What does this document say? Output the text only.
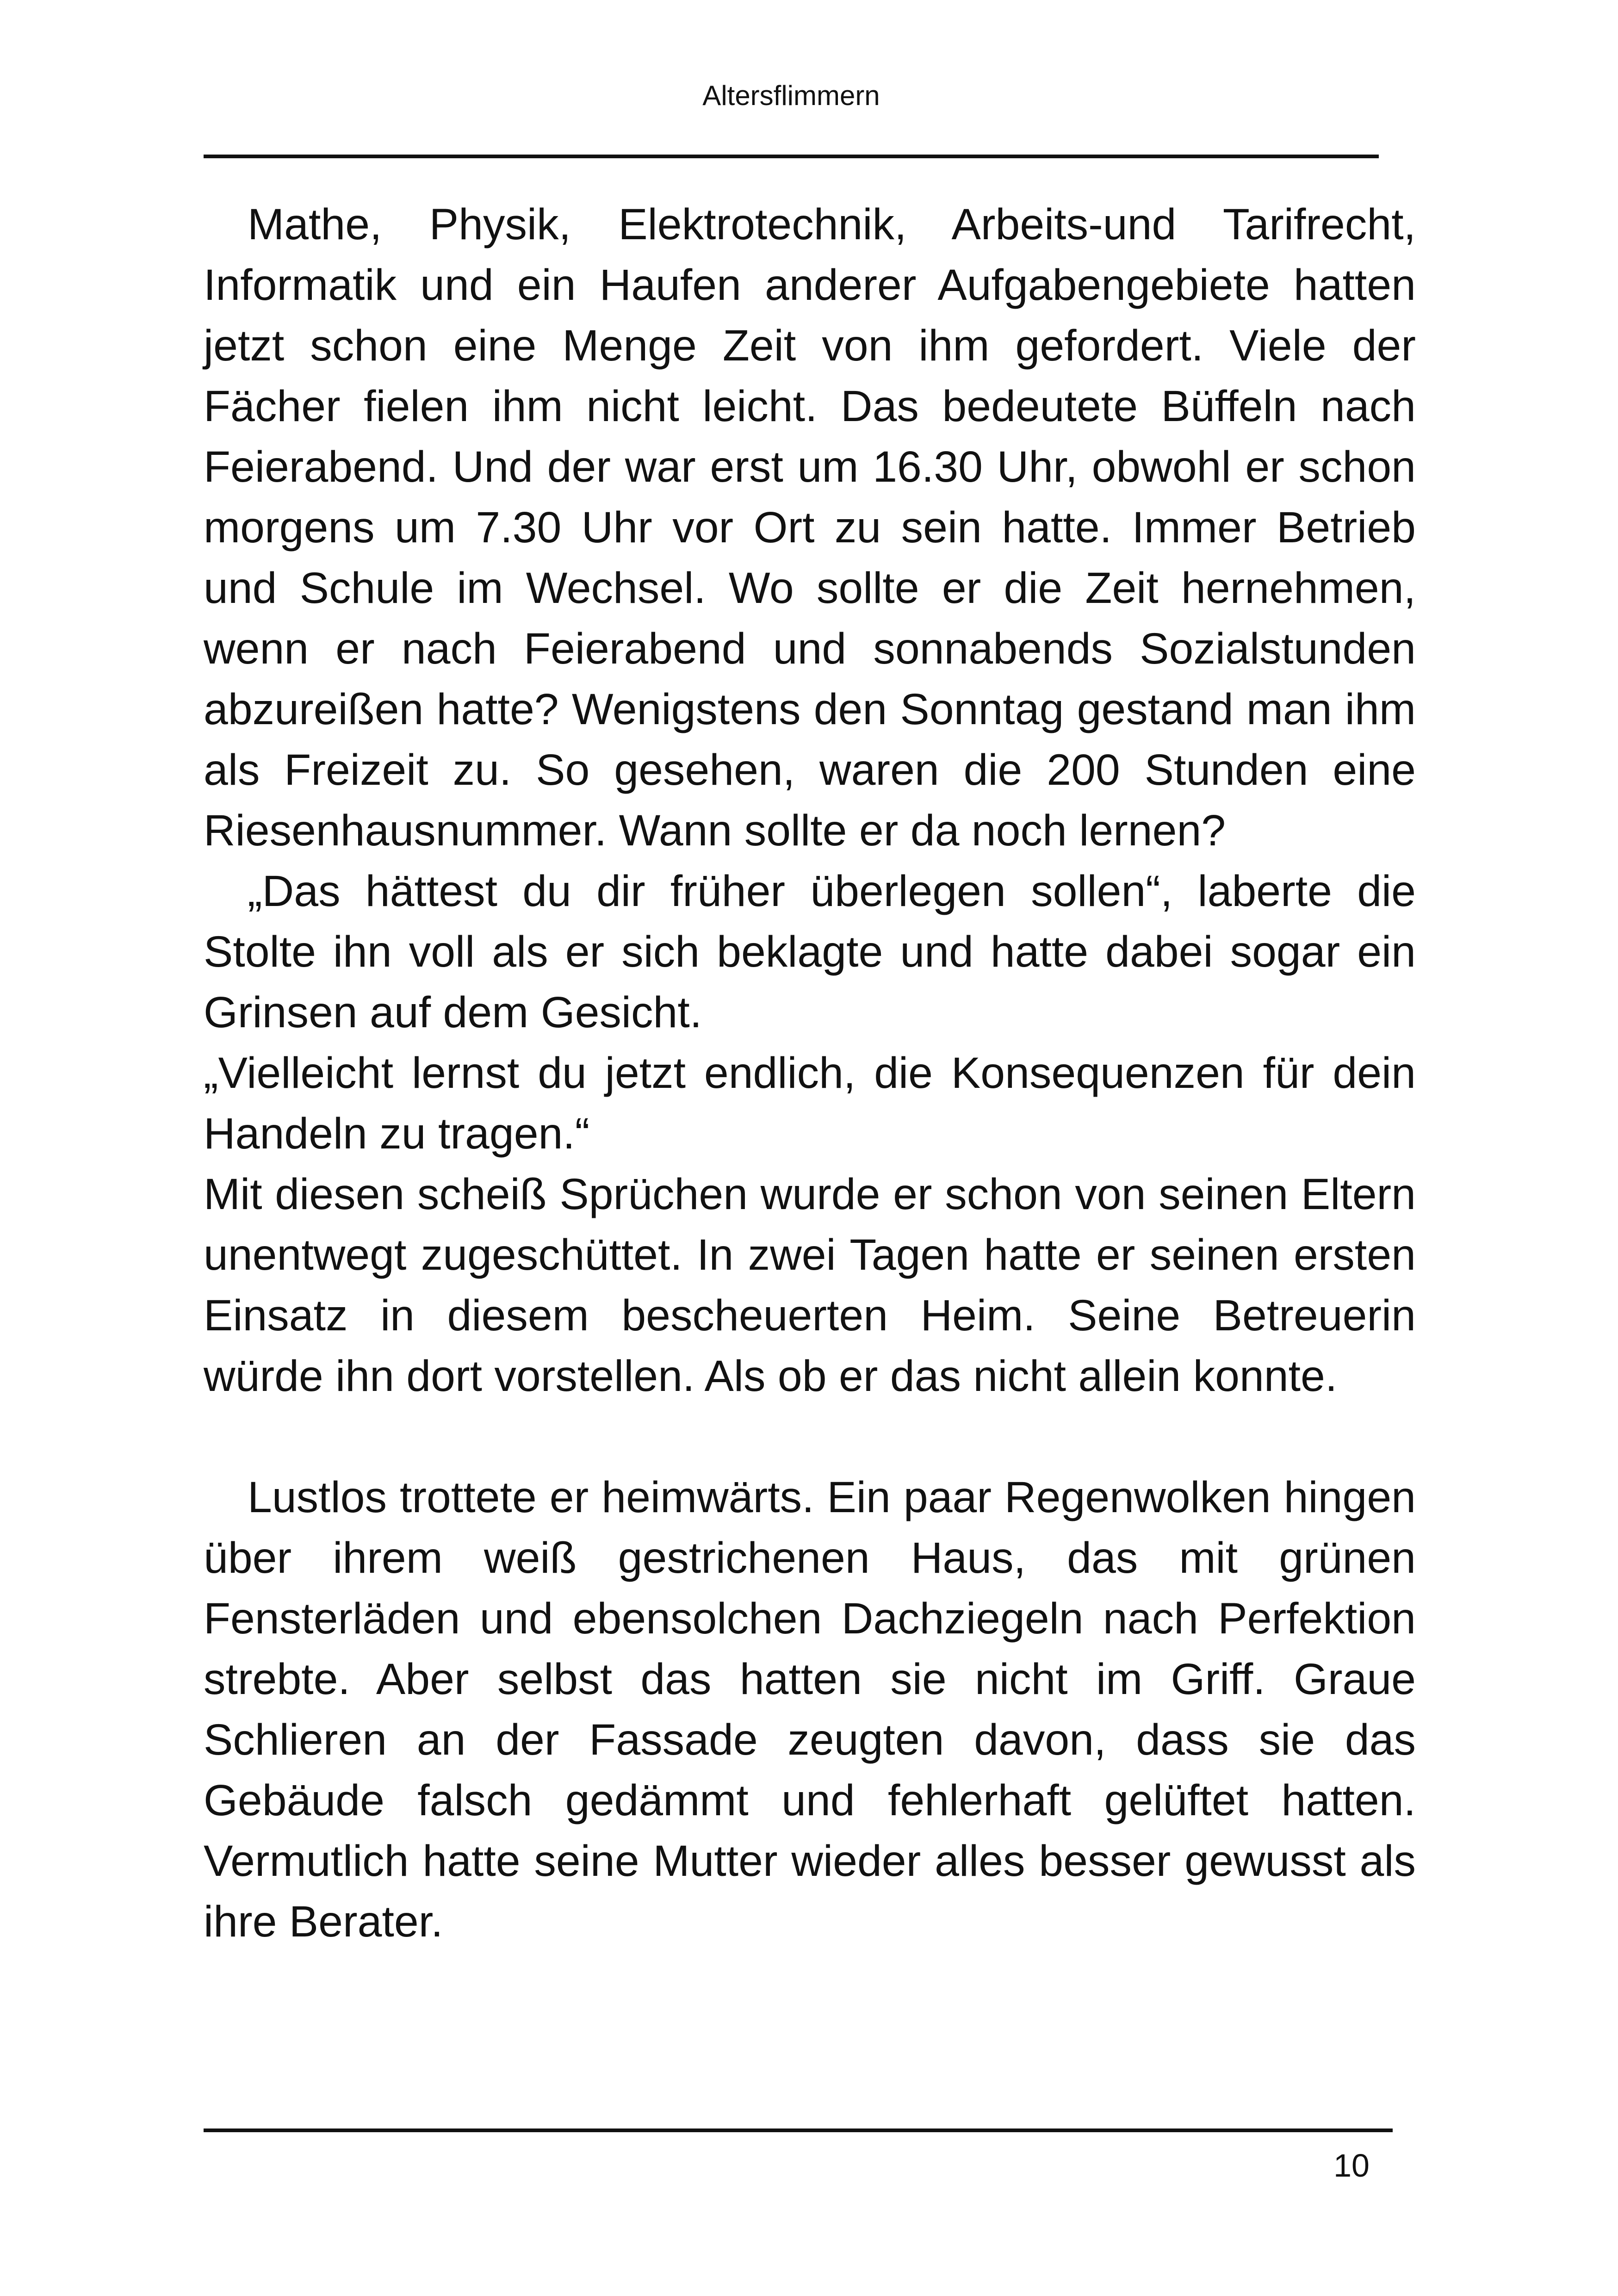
Altersflimmern

Mathe, Physik, Elektrotechnik, Arbeits-und Tarifrecht, Informatik und ein Haufen anderer Aufgabengebiete hatten jetzt schon eine Menge Zeit von ihm gefordert. Viele der Fächer fielen ihm nicht leicht. Das bedeutete Büffeln nach Feierabend. Und der war erst um 16.30 Uhr, obwohl er schon morgens um 7.30 Uhr vor Ort zu sein hatte. Immer Betrieb und Schule im Wechsel. Wo sollte er die Zeit hernehmen, wenn er nach Feierabend und sonnabends Sozialstunden abzureißen hatte? Wenigstens den Sonntag gestand man ihm als Freizeit zu. So gesehen, waren die 200 Stunden eine Riesenhausnummer. Wann sollte er da noch lernen?

„Das hättest du dir früher überlegen sollen“, laberte die Stolte ihn voll als er sich beklagte und hatte dabei sogar ein Grinsen auf dem Gesicht.

„Vielleicht lernst du jetzt endlich, die Konsequenzen für dein Handeln zu tragen.“

Mit diesen scheiß Sprüchen wurde er schon von seinen Eltern unentwegt zugeschüttet. In zwei Tagen hatte er seinen ersten Einsatz in diesem bescheuerten Heim. Seine Betreuerin würde ihn dort vorstellen. Als ob er das nicht allein konnte.

Lustlos trottete er heimwärts. Ein paar Regenwolken hingen über ihrem weiß gestrichenen Haus, das mit grünen Fensterläden und ebensolchen Dachziegeln nach Perfektion strebte. Aber selbst das hatten sie nicht im Griff. Graue Schlieren an der Fassade zeugten davon, dass sie das Gebäude falsch gedämmt und fehlerhaft gelüftet hatten. Vermutlich hatte seine Mutter wieder alles besser gewusst als ihre Berater.

10
